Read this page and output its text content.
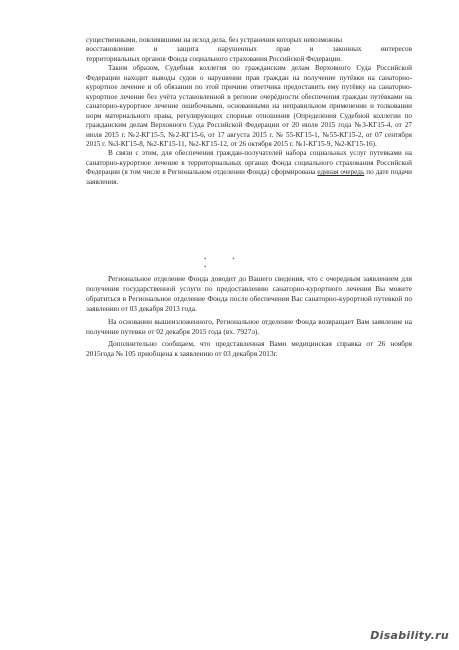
существенными, повлиявшими на исход дела, без устранения которых невозможны

восстановление и защита нарушенных прав и законных интересов

территориальных органов Фонда социального страхования Российской Федерации.

Таким образом, Судебная коллегия по гражданским делам Верховного Суда Российской Федерации находит выводы судов о нарушении прав граждан на получение путёвки на санаторно-курортное лечение и об обязании по этой причине ответчика предоставить ему путёвку на санаторно-курортное лечение без учёта установленной в регионе очерёдности обеспечения граждан путёвками на санаторно-курортное лечение ошибочными, основанными на неправильном применении и толковании норм материального права, регулирующих спорные отношения (Определения Судебной коллегии по гражданским делам Верховного Суда Российской Федерации от 20 июля 2015 года №3-КГ15-4, от 27 июля 2015 г. №2-КГ15-5, №2-КГ15-6, от 17 августа 2015 г. № 55-КГ15-1, №55-КГ15-2, от 07 сентября 2015 г. №3-КГ15-8, №2-КГ15-11, №2-КГ15-12, от 26 октября 2015 г. №1-КГ15-9, №2-КГ15-16).

В связи с этим, для обеспечения граждан-получателей набора социальных услуг путевками на санаторно-курортное лечение в территориальных органах Фонда социального страхования Российской Федерации (в том числе в Региональном отделении Фонда) сформирована единая очередь по дате подачи заявления.

• • •

Региональное отделение Фонда доводит до Вашего сведения, что с очередным заявлением для получения государственной услуги по предоставлению санаторно-курортного лечения Вы можете обратиться в Региональное отделение Фонда после обеспечения Вас санаторно-курортной путевкой по заявлению от 03 декабря 2013 года.

На основании вышеизложенного, Региональное отделение Фонда возвращает Вам заявление на получение путевки от 02 декабря 2015 года (вх. 7927л).

Дополнительно сообщаем, что представленная Вами медицинская справка от 26 ноября 2015года № 105 приобщена к заявлению от 03 декабря 2013г.

Disability.ru
